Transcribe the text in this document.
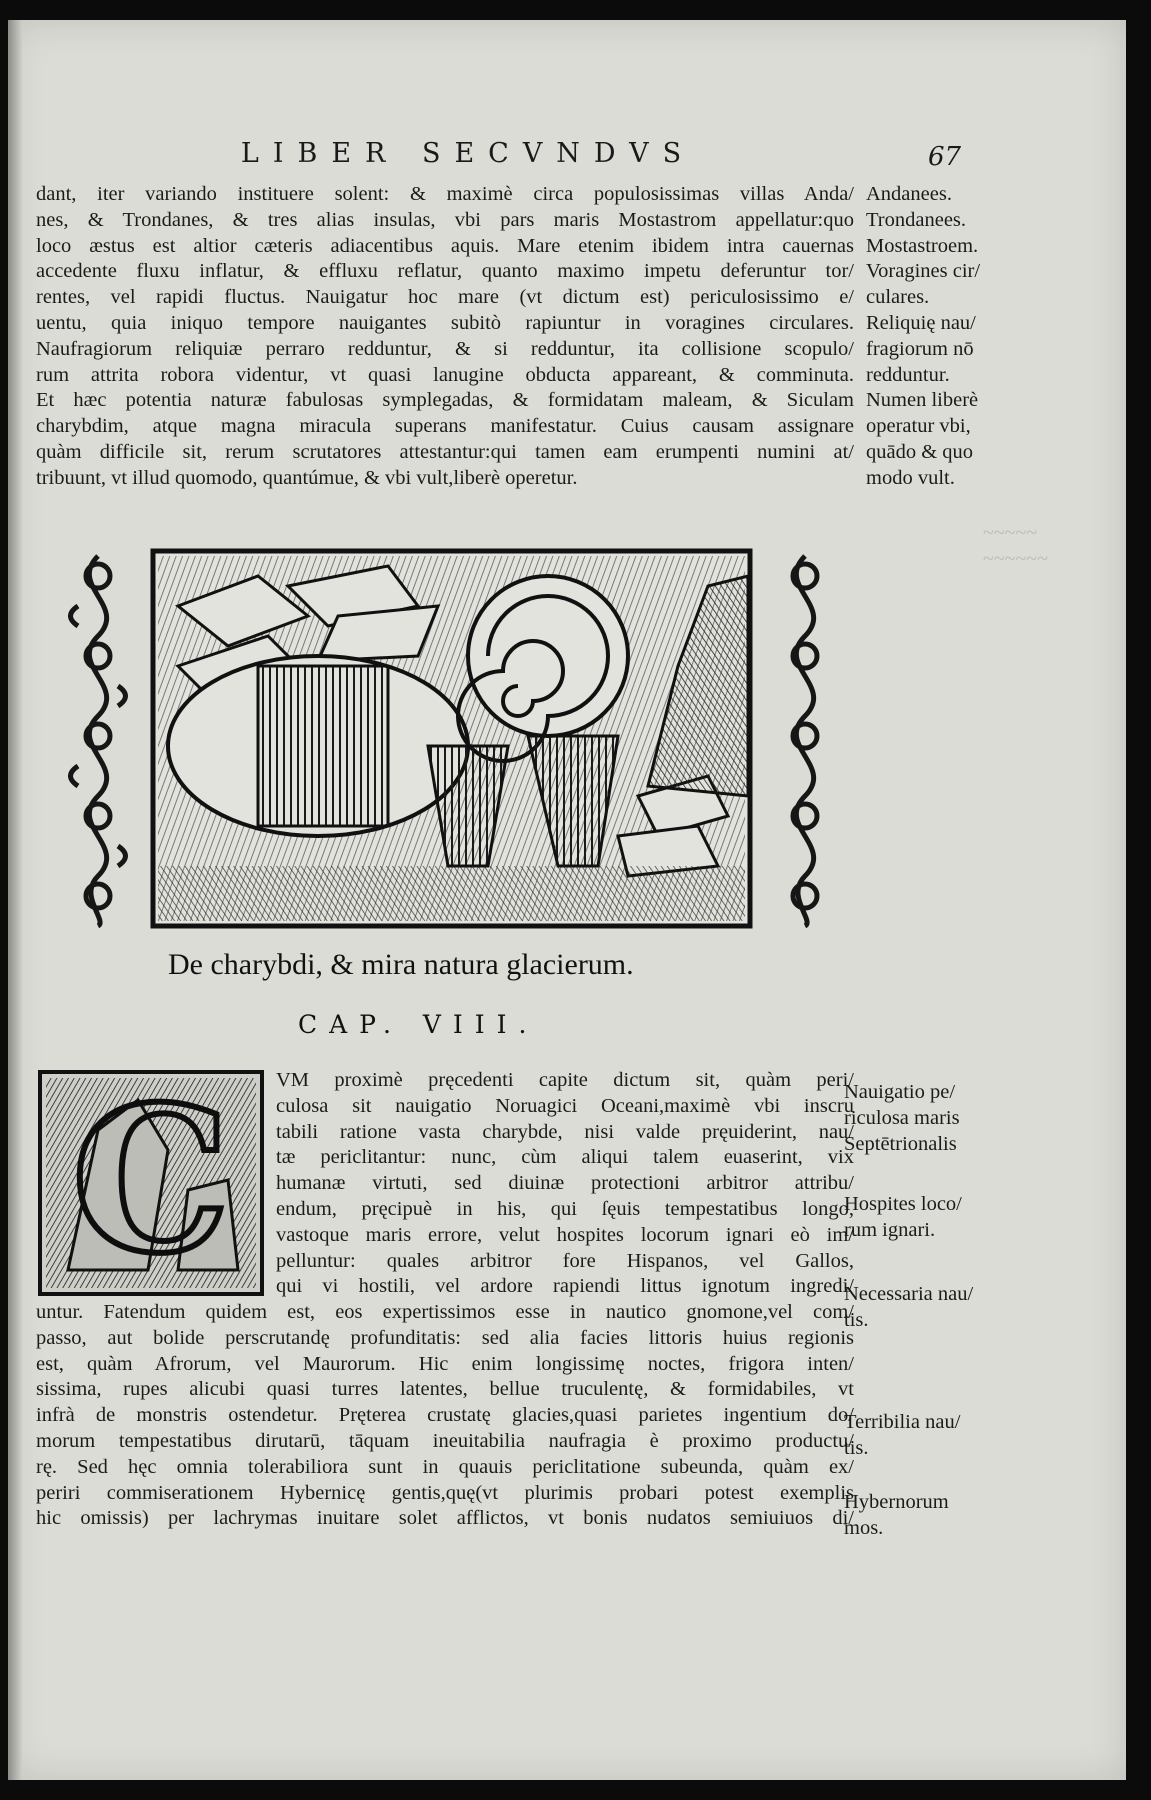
LIBER SECVNDVS	67
dant, iter variando instituere solent: & maximè circa populosissimas villas Anda/
nes, & Trondanes, & tres alias insulas, vbi pars maris Mostastrom appellatur:quo
loco æstus est altior cæteris adiacentibus aquis. Mare etenim ibidem intra cauernas
accedente fluxu inflatur, & effluxu reflatur, quanto maximo impetu deferuntur tor/
rentes, vel rapidi fluctus. Nauigatur hoc mare (vt dictum est) periculosissimo e/
uentu, quia iniquo tempore nauigantes subitò rapiuntur in voragines circulares.
Naufragiorum reliquiæ perraro redduntur, & si redduntur, ita collisione scopulo/
rum attrita robora videntur, vt quasi lanugine obducta appareant, & comminuta.
Et hæc potentia naturæ fabulosas symplegadas, & formidatam maleam, & Siculam
charybdim, atque magna miracula superans manifestatur. Cuius causam assignare
quàm difficile sit, rerum scrutatores attestantur:qui tamen eam erumpenti numini at/
tribuunt, vt illud quomodo, quantúmue, & vbi vult,liberè operetur.
Andanees.
Trondanees.
Mostastroem.
Voragines cir/
culares.
Reliquię nau/
fragiorum nō
redduntur.
Numen liberè
operatur vbi,
quādo & quo
modo vult.
~~~~~
~~~~~~
De charybdi, & mira natura glacierum.
CAP. VIII.
C VM proximè pręcedenti capite dictum sit, quàm peri/
culosa sit nauigatio Noruagici Oceani,maximè vbi inscru
tabili ratione vasta charybde, nisi valde pręuiderint, nau/
tæ periclitantur: nunc, cùm aliqui talem euaserint, vix
humanæ virtuti, sed diuinæ protectioni arbitror attribu/
endum, pręcipuè in his, qui ſęuis tempestatibus longo,
vastoque maris errore, velut hospites locorum ignari eò im/
pelluntur: quales arbitror fore Hispanos, vel Gallos,
qui vi hostili, vel ardore rapiendi littus ignotum ingredi/
untur. Fatendum quidem est, eos expertissimos esse in nautico gnomone,vel com/
passo, aut bolide perscrutandę profunditatis: sed alia facies littoris huius regionis
est, quàm Afrorum, vel Maurorum. Hic enim longissimę noctes, frigora inten/
sissima, rupes alicubi quasi turres latentes, bellue truculentę, & formidabiles, vt
infrà de monstris ostendetur. Pręterea crustatę glacies,quasi parietes ingentium do/
morum tempestatibus dirutarū, tāquam ineuitabilia naufragia è proximo productu/
rę. Sed hęc omnia tolerabiliora sunt in quauis periclitatione subeunda, quàm ex/
periri commiserationem Hybernicę gentis,quę(vt plurimis probari potest exemplis
hic omissis) per lachrymas inuitare solet afflictos, vt bonis nudatos semiuiuos di/
Nauigatio pe/
riculosa maris
Septētrionalis
Hospites loco/
rum ignari.
Necessaria nau/
tis.
Terribilia nau/
tis.
Hybernorum
mos.
